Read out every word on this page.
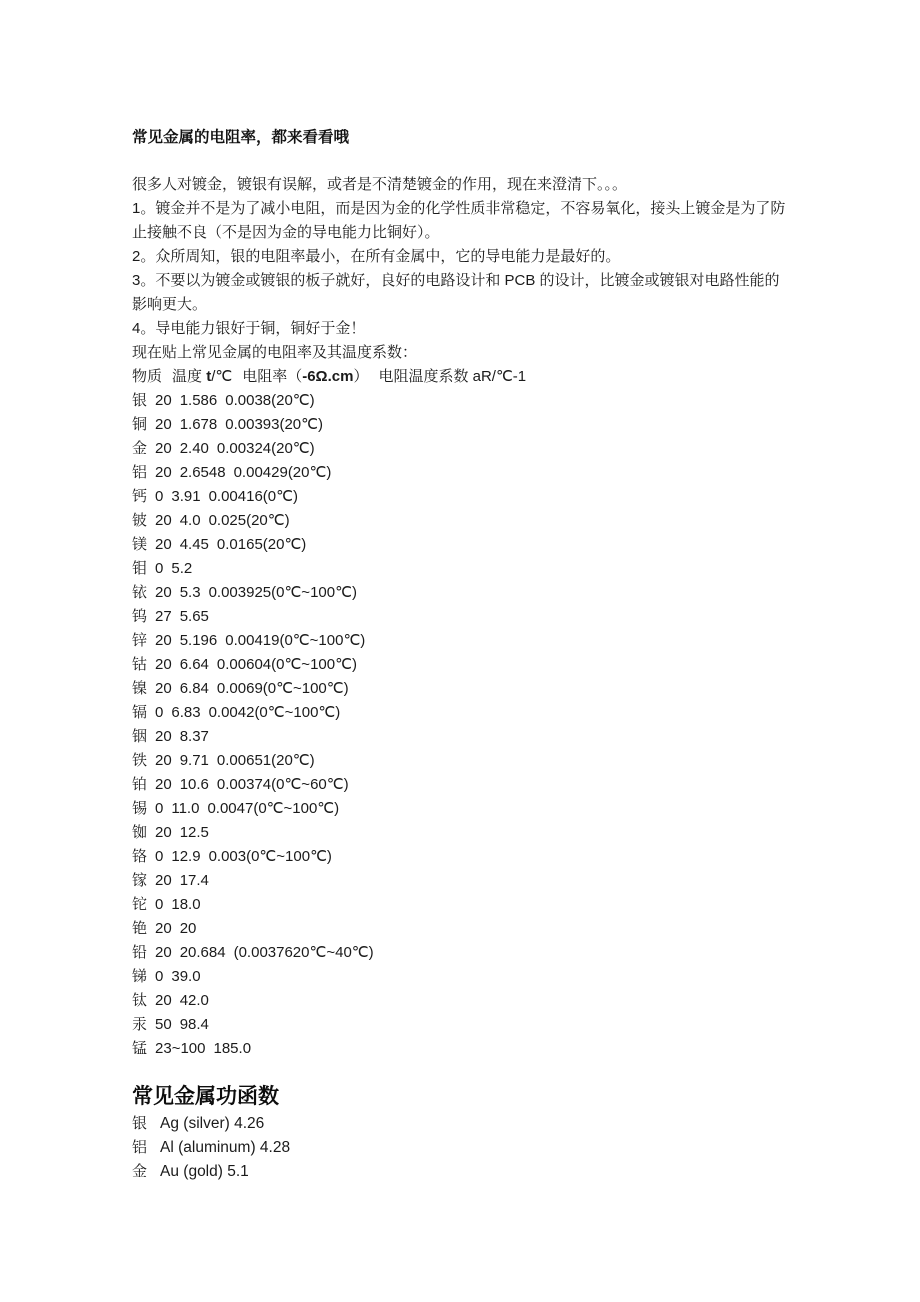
常见金属的电阻率，都来看看哦

很多人对镀金，镀银有误解，或者是不清楚镀金的作用，现在来澄清下。。。

1。镀金并不是为了减小电阻，而是因为金的化学性质非常稳定，不容易氧化，接头上镀金是为了防止接触不良（不是因为金的导电能力比铜好）。

2。众所周知，银的电阻率最小，在所有金属中，它的导电能力是最好的。

3。不要以为镀金或镀银的板子就好，良好的电路设计和 PCB 的设计，比镀金或镀银对电路性能的影响更大。

4。导电能力银好于铜，铜好于金！

现在贴上常见金属的电阻率及其温度系数：

物质 温度 t/℃ 电阻率（-6Ω.cm） 电阻温度系数 aR/℃-1

银 20 1.586 0.0038(20℃)
铜 20 1.678 0.00393(20℃)
金 20 2.40 0.00324(20℃)
铝 20 2.6548 0.00429(20℃)
钙 0 3.91 0.00416(0℃)
铍 20 4.0 0.025(20℃)
镁 20 4.45 0.0165(20℃)
钼 0 5.2
铱 20 5.3 0.003925(0℃~100℃)
钨 27 5.65
锌 20 5.196 0.00419(0℃~100℃)
钴 20 6.64 0.00604(0℃~100℃)
镍 20 6.84 0.0069(0℃~100℃)
镉 0 6.83 0.0042(0℃~100℃)
铟 20 8.37
铁 20 9.71 0.00651(20℃)
铂 20 10.6 0.00374(0℃~60℃)
锡 0 11.0 0.0047(0℃~100℃)
铷 20 12.5
铬 0 12.9 0.003(0℃~100℃)
镓 20 17.4
铊 0 18.0
铯 20 20
铅 20 20.684 (0.0037620℃~40℃)
锑 0 39.0
钛 20 42.0
汞 50 98.4
锰 23~100 185.0

常见金属功函数

银 Ag (silver) 4.26
铝 Al (aluminum) 4.28
金 Au (gold) 5.1
